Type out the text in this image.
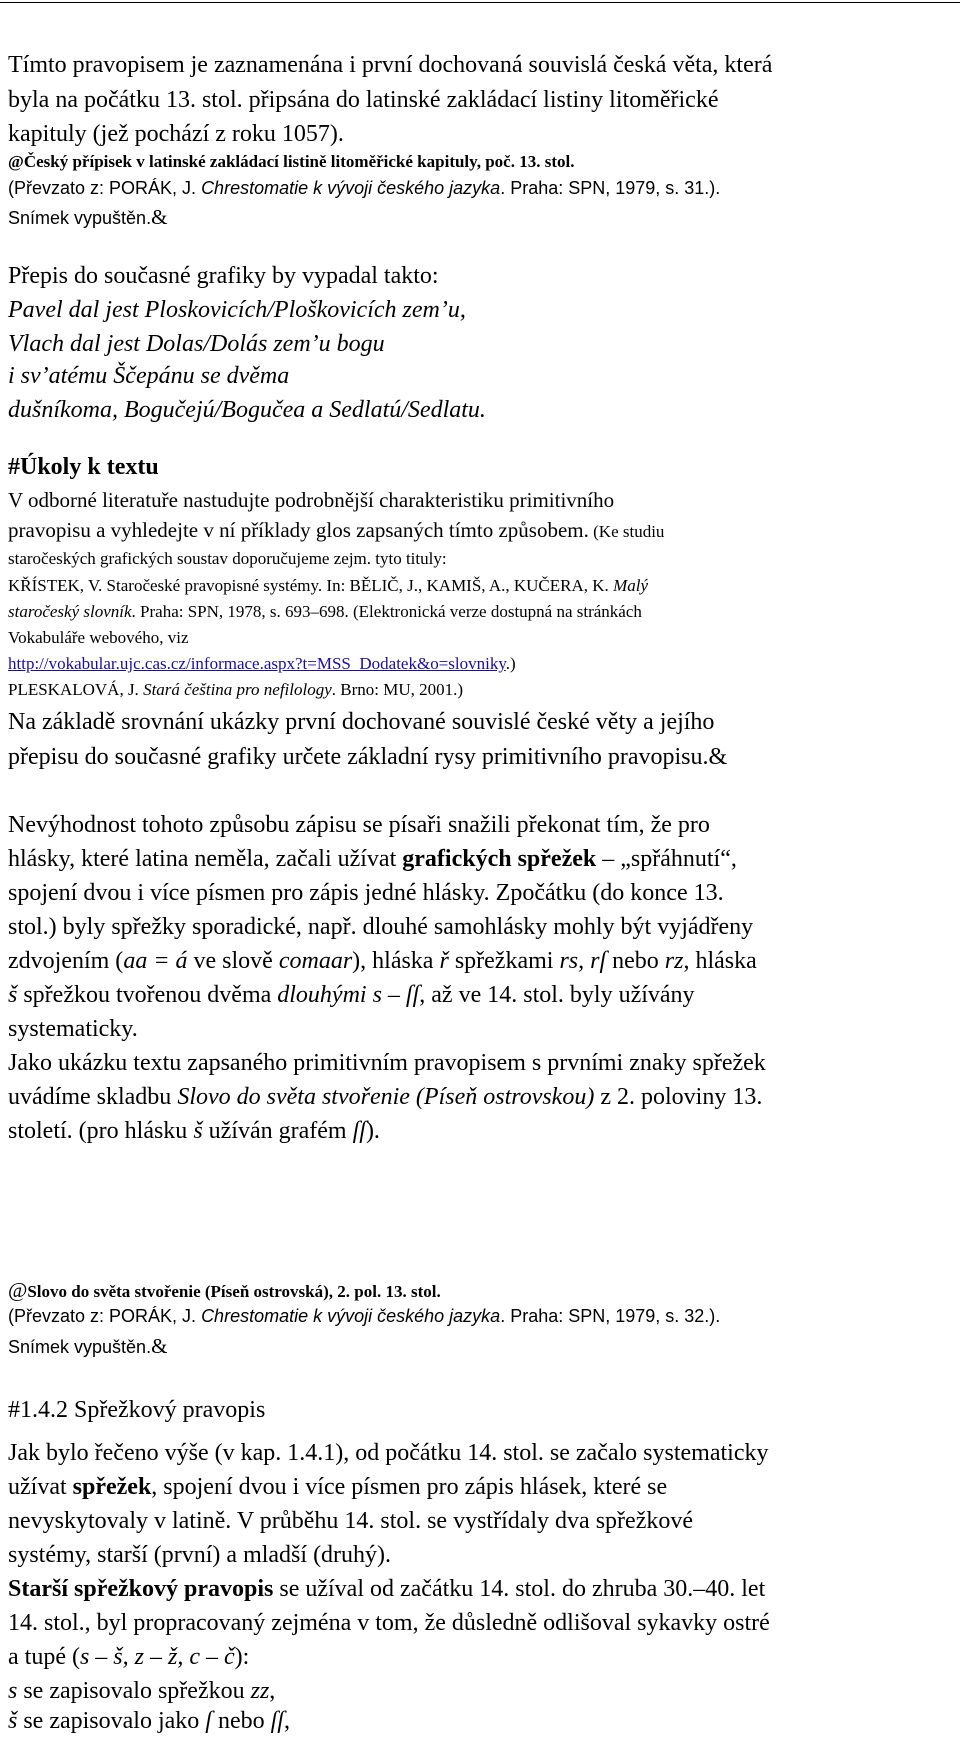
Tímto pravopisem je zaznamenána i první dochovaná souvislá česká věta, která
byla na počátku 13. stol. připsána do latinské zakládací listiny litoměřické
kapituly (jež pochází z roku 1057).
@Český přípisek v latinské zakládací listině litoměřické kapituly, poč. 13. stol.
(Převzato z: PORÁK, J. Chrestomatie k vývoji českého jazyka. Praha: SPN, 1979, s. 31.).
Snímek vypuštěn.&
Přepis do současné grafiky by vypadal takto:
Pavel dal jest Ploskovicích/Ploškovicích zem’u,
Vlach dal jest Dolas/Dolás zem’u bogu
i sv’atému Ščepánu se dvěma
dušníkoma, Bogučejú/Bogučea a Sedlatú/Sedlatu.
#Úkoly k textu
V odborné literatuře nastudujte podrobnější charakteristiku primitivního
pravopisu a vyhledejte v ní příklady glos zapsaných tímto způsobem. (Ke studiu
staročeských grafických soustav doporučujeme zejm. tyto tituly:
KŘÍSTEK, V. Staročeské pravopisné systémy. In: BĚLIČ, J., KAMIŠ, A., KUČERA, K. Malý
staročeský slovník. Praha: SPN, 1978, s. 693–698. (Elektronická verze dostupná na stránkách
Vokabuláře webového, viz
http://vokabular.ujc.cas.cz/informace.aspx?t=MSS_Dodatek&o=slovniky.)
PLESKALOVÁ, J. Stará čeština pro nefilology. Brno: MU, 2001.)
Na základě srovnání ukázky první dochované souvislé české věty a jejího
přepisu do současné grafiky určete základní rysy primitivního pravopisu.&
Nevýhodnost tohoto způsobu zápisu se písaři snažili překonat tím, že pro
hlásky, které latina neměla, začali užívat grafických spřežek – „spřáhnutí“,
spojení dvou i více písmen pro zápis jedné hlásky. Zpočátku (do konce 13.
stol.) byly spřežky sporadické, např. dlouhé samohlásky mohly být vyjádřeny
zdvojením (aa = á ve slově comaar), hláska ř spřežkami rs, rſ nebo rz, hláska
š spřežkou tvořenou dvěma dlouhými s – ſſ, až ve 14. stol. byly užívány
systematicky.
Jako ukázku textu zapsaného primitivním pravopisem s prvními znaky spřežek
uvádíme skladbu Slovo do světa stvořenie (Píseň ostrovskou) z 2. poloviny 13.
století. (pro hlásku š užíván grafém ſſ).
@Slovo do světa stvořenie (Píseň ostrovská), 2. pol. 13. stol.
(Převzato z: PORÁK, J. Chrestomatie k vývoji českého jazyka. Praha: SPN, 1979, s. 32.).
Snímek vypuštěn.&
#1.4.2 Spřežkový pravopis
Jak bylo řečeno výše (v kap. 1.4.1), od počátku 14. stol. se začalo systematicky
užívat spřežek, spojení dvou i více písmen pro zápis hlásek, které se
nevyskytovaly v latině. V průběhu 14. stol. se vystřídaly dva spřežkové
systémy, starší (první) a mladší (druhý).
Starší spřežkový pravopis se užíval od začátku 14. stol. do zhruba 30.–40. let
14. stol., byl propracovaný zejména v tom, že důsledně odlišoval sykavky ostré
a tupé (s – š, z – ž, c – č):
s se zapisovalo spřežkou zz,
š se zapisovalo jako ſ nebo ſſ,
